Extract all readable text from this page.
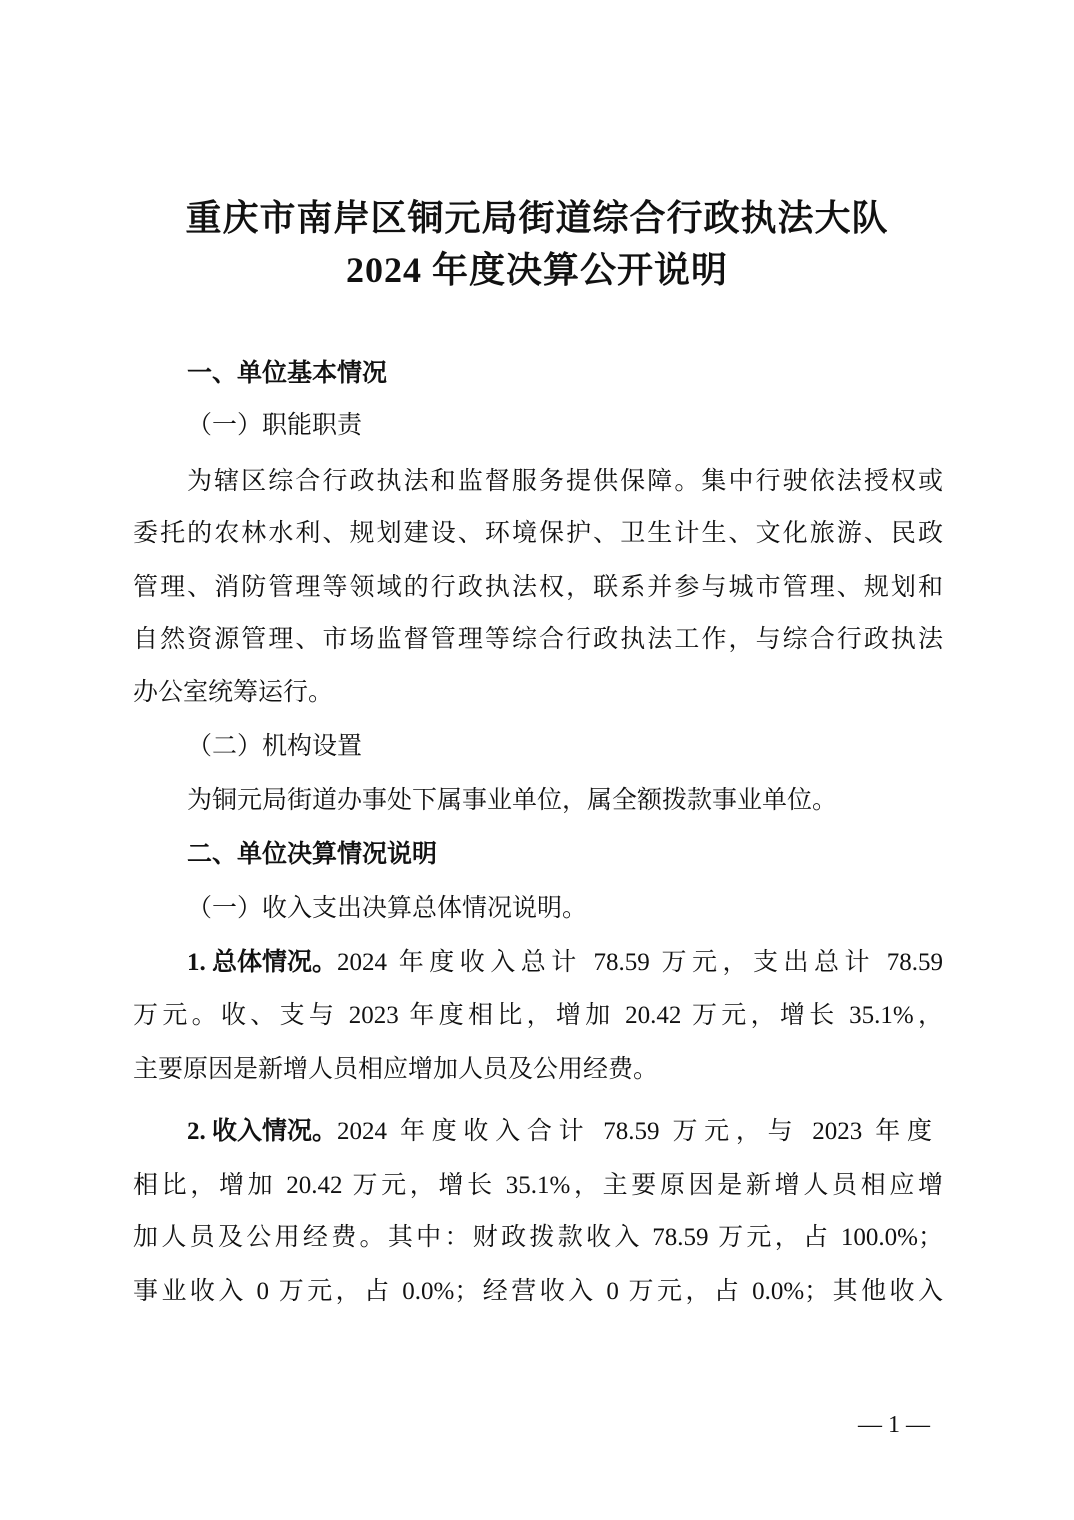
重庆市南岸区铜元局街道综合行政执法大队
2024 年度决算公开说明
一、单位基本情况
（一）职能职责
为辖区综合行政执法和监督服务提供保障。集中行驶依法授权或
委托的农林水利、规划建设、环境保护、卫生计生、文化旅游、民政
管理、消防管理等领域的行政执法权，联系并参与城市管理、规划和
自然资源管理、市场监督管理等综合行政执法工作，与综合行政执法
办公室统筹运行。
（二）机构设置
为铜元局街道办事处下属事业单位，属全额拨款事业单位。
二、单位决算情况说明
（一）收入支出决算总体情况说明。
1. 总体情况。 2024 年度收入总计 78.59 万元，支出总计 78.59
万元。收、支与 2023 年度相比，增加 20.42 万元，增长 35.1%，
主要原因是新增人员相应增加人员及公用经费。
2. 收入情况。 2024 年度收入合计 78.59 万元，与 2023 年度
相比，增加 20.42 万元，增长 35.1%，主要原因是新增人员相应增
加人员及公用经费。其中：财政拨款收入 78.59 万元，占 100.0%；
事业收入 0 万元，占 0.0%；经营收入 0 万元，占 0.0%；其他收入
— 1 —
